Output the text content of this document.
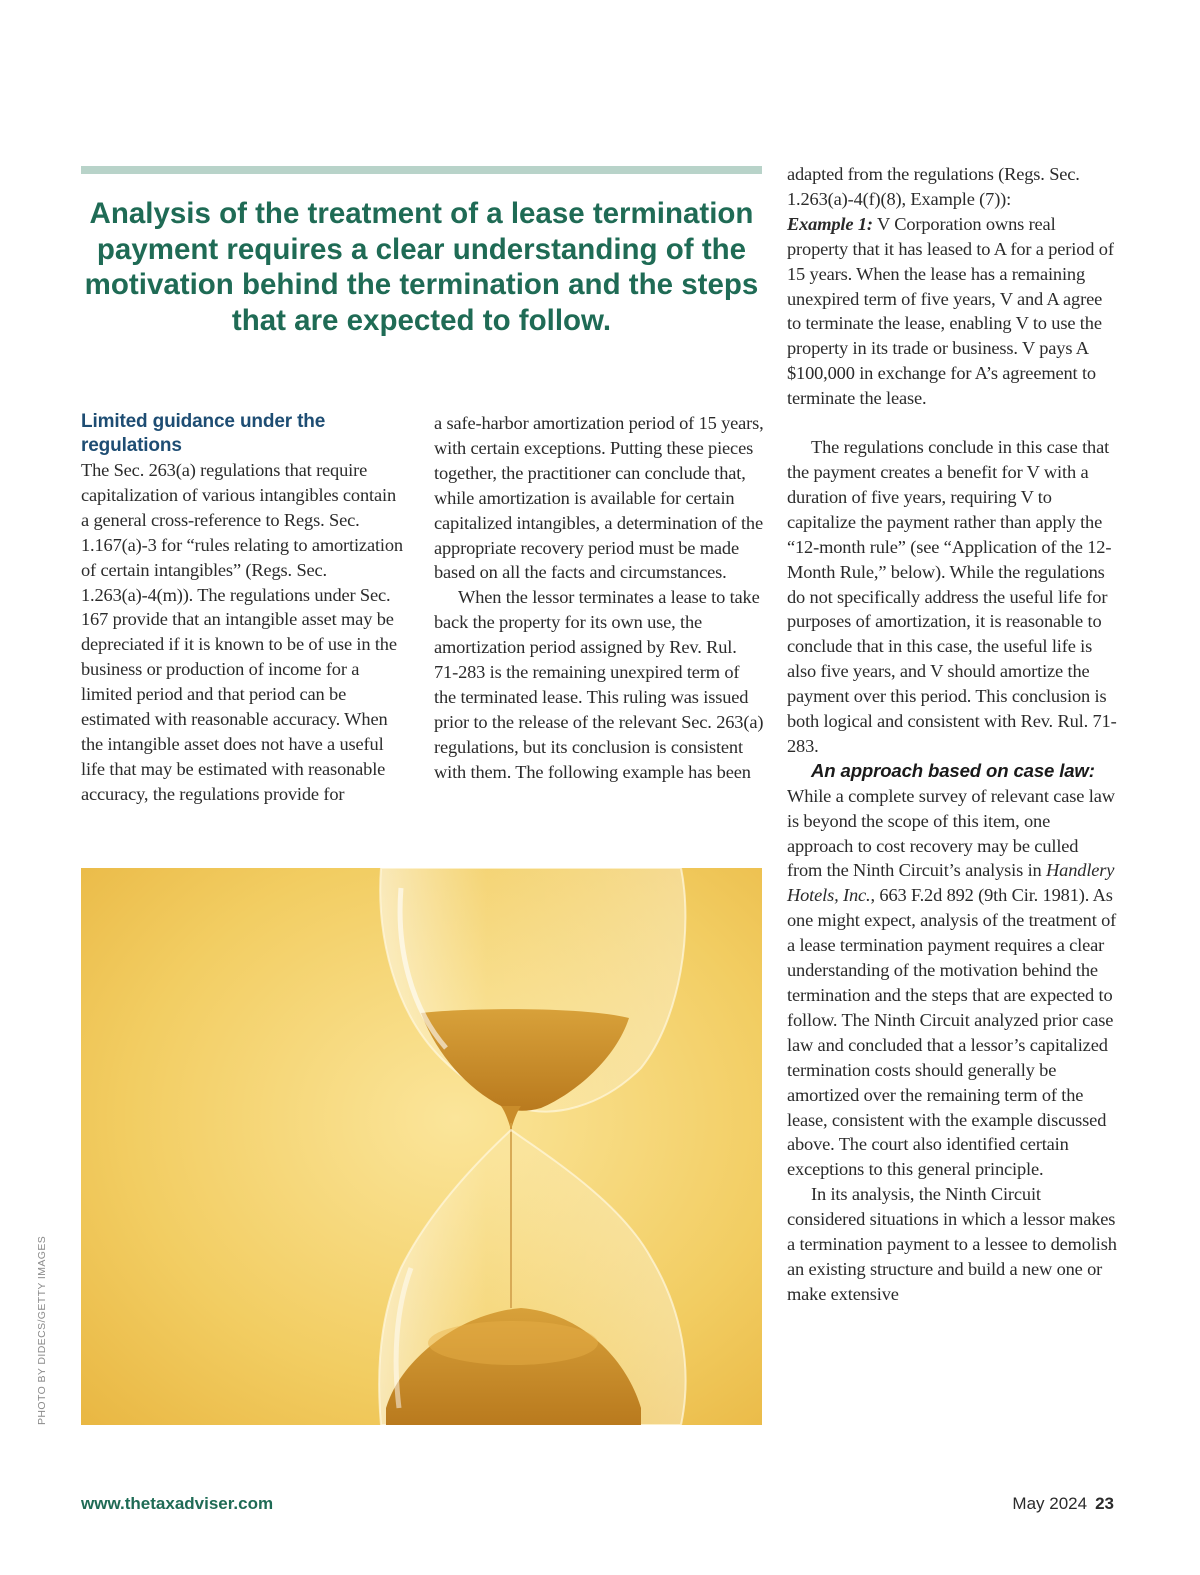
Analysis of the treatment of a lease termination payment requires a clear understanding of the motivation behind the termination and the steps that are expected to follow.

Limited guidance under the regulations

The Sec. 263(a) regulations that require capitalization of various intangibles contain a general cross-reference to Regs. Sec. 1.167(a)-3 for “rules relating to amortization of certain intangibles” (Regs. Sec. 1.263(a)-4(m)). The regulations under Sec. 167 provide that an intangible asset may be depreciated if it is known to be of use in the business or production of income for a limited period and that period can be estimated with reasonable accuracy. When the intangible asset does not have a useful life that may be estimated with reasonable accuracy, the regulations provide for

a safe-harbor amortization period of 15 years, with certain exceptions. Putting these pieces together, the practitioner can conclude that, while amortization is available for certain capitalized intangibles, a determination of the appropriate recovery period must be made based on all the facts and circumstances.

When the lessor terminates a lease to take back the property for its own use, the amortization period assigned by Rev. Rul. 71-283 is the remaining unexpired term of the terminated lease. This ruling was issued prior to the release of the relevant Sec. 263(a) regulations, but its conclusion is consistent with them. The following example has been

adapted from the regulations (Regs. Sec. 1.263(a)-4(f)(8), Example (7)):

Example 1: V Corporation owns real property that it has leased to A for a period of 15 years. When the lease has a remaining unexpired term of five years, V and A agree to terminate the lease, enabling V to use the property in its trade or business. V pays A $100,000 in exchange for A’s agreement to terminate the lease.

The regulations conclude in this case that the payment creates a benefit for V with a duration of five years, requiring V to capitalize the payment rather than apply the “12-month rule” (see “Application of the 12-Month Rule,” below). While the regulations do not specifically address the useful life for purposes of amortization, it is reasonable to conclude that in this case, the useful life is also five years, and V should amortize the payment over this period. This conclusion is both logical and consistent with Rev. Rul. 71-283.

An approach based on case law: While a complete survey of relevant case law is beyond the scope of this item, one approach to cost recovery may be culled from the Ninth Circuit’s analysis in Handlery Hotels, Inc., 663 F.2d 892 (9th Cir. 1981). As one might expect, analysis of the treatment of a lease termination payment requires a clear understanding of the motivation behind the termination and the steps that are expected to follow. The Ninth Circuit analyzed prior case law and concluded that a lessor’s capitalized termination costs should generally be amortized over the remaining term of the lease, consistent with the example discussed above. The court also identified certain exceptions to this general principle.

In its analysis, the Ninth Circuit considered situations in which a lessor makes a termination payment to a lessee to demolish an existing structure and build a new one or make extensive

PHOTO BY DIDECS/GETTY IMAGES
www.thetaxadviser.com	May 2024 23
